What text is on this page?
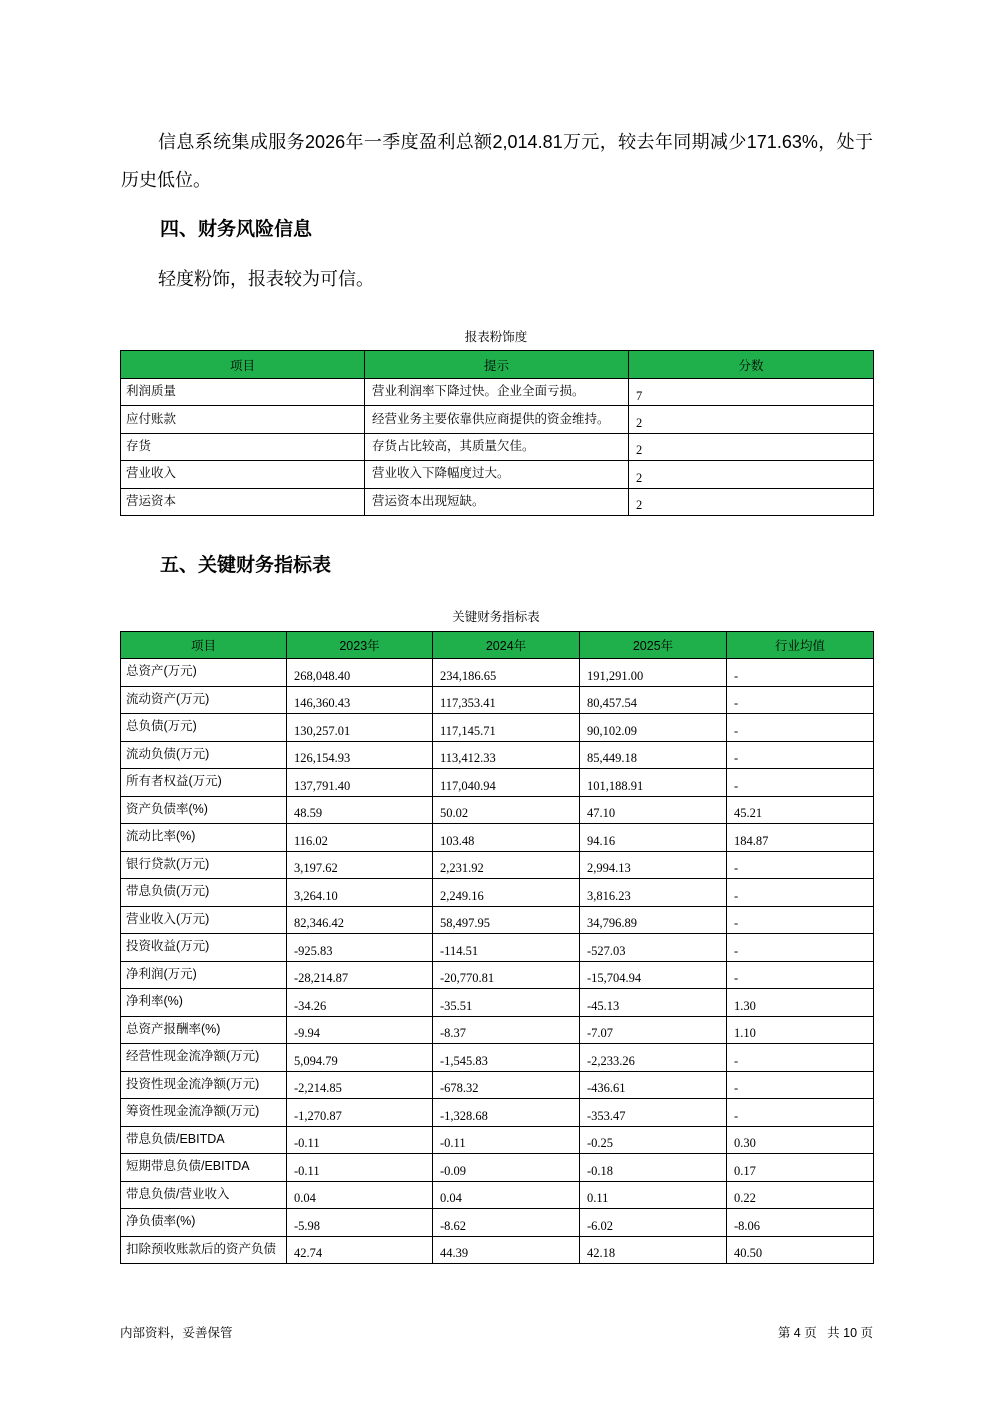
信息系统集成服务2026年一季度盈利总额2,014.81万元，较去年同期减少171.63%，处于历史低位。

四、财务风险信息

轻度粉饰，报表较为可信。

报表粉饰度

项目	提示	分数
利润质量	营业利润率下降过快。企业全面亏损。	7
应付账款	经营业务主要依靠供应商提供的资金维持。	2
存货	存货占比较高，其质量欠佳。	2
营业收入	营业收入下降幅度过大。	2
营运资本	营运资本出现短缺。	2
五、关键财务指标表

关键财务指标表

项目	2023年	2024年	2025年	行业均值
总资产(万元)	268,048.40	234,186.65	191,291.00	-
流动资产(万元)	146,360.43	117,353.41	80,457.54	-
总负债(万元)	130,257.01	117,145.71	90,102.09	-
流动负债(万元)	126,154.93	113,412.33	85,449.18	-
所有者权益(万元)	137,791.40	117,040.94	101,188.91	-
资产负债率(%)	48.59	50.02	47.10	45.21
流动比率(%)	116.02	103.48	94.16	184.87
银行贷款(万元)	3,197.62	2,231.92	2,994.13	-
带息负债(万元)	3,264.10	2,249.16	3,816.23	-
营业收入(万元)	82,346.42	58,497.95	34,796.89	-
投资收益(万元)	-925.83	-114.51	-527.03	-
净利润(万元)	-28,214.87	-20,770.81	-15,704.94	-
净利率(%)	-34.26	-35.51	-45.13	1.30
总资产报酬率(%)	-9.94	-8.37	-7.07	1.10
经营性现金流净额(万元)	5,094.79	-1,545.83	-2,233.26	-
投资性现金流净额(万元)	-2,214.85	-678.32	-436.61	-
筹资性现金流净额(万元)	-1,270.87	-1,328.68	-353.47	-
带息负债/EBITDA	-0.11	-0.11	-0.25	0.30
短期带息负债/EBITDA	-0.11	-0.09	-0.18	0.17
带息负债/营业收入	0.04	0.04	0.11	0.22
净负债率(%)	-5.98	-8.62	-6.02	-8.06
扣除预收账款后的资产负债	42.74	44.39	42.18	40.50
内部资料，妥善保管	第 4 页   共 10 页
